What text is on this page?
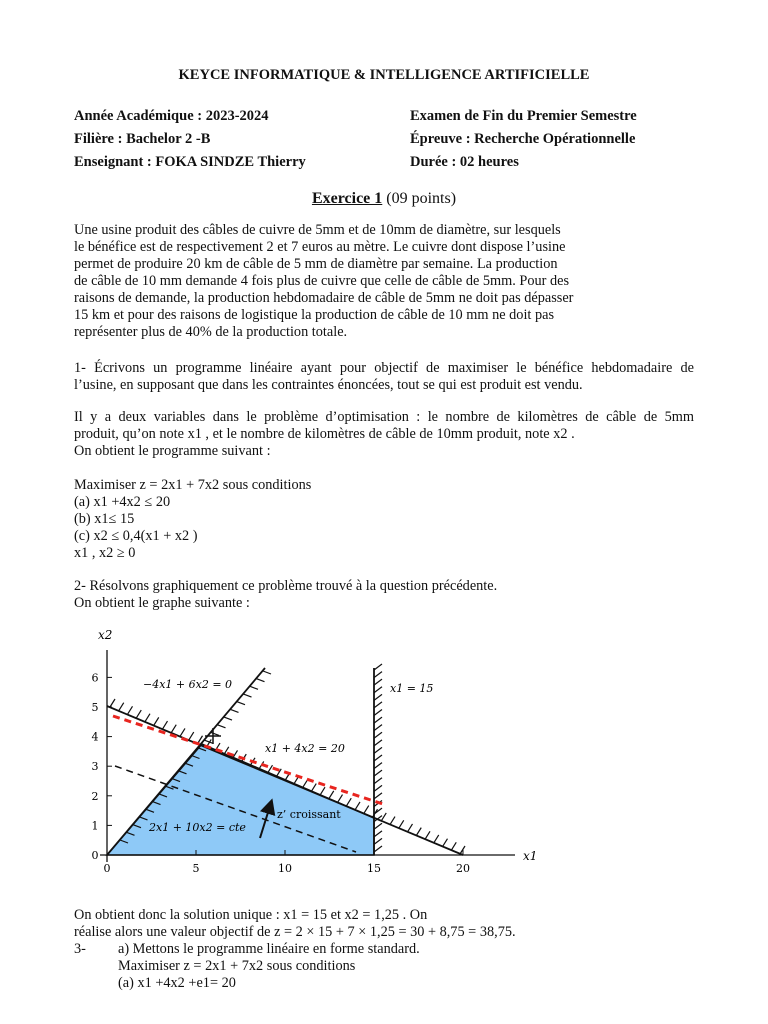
KEYCE INFORMATIQUE & INTELLIGENCE ARTIFICIELLE
Année Académique : 2023-2024
Filière : Bachelor 2 -B
Enseignant : FOKA SINDZE Thierry
Examen de Fin du Premier Semestre
Épreuve : Recherche Opérationnelle
Durée : 02 heures
Exercice 1 (09 points)
Une usine produit des câbles de cuivre de 5mm et de 10mm de diamètre, sur lesquels
le bénéfice est de respectivement 2 et 7 euros au mètre. Le cuivre dont dispose l’usine
permet de produire 20 km de câble de 5 mm de diamètre par semaine. La production
de câble de 10 mm demande 4 fois plus de cuivre que celle de câble de 5mm. Pour des
raisons de demande, la production hebdomadaire de câble de 5mm ne doit pas dépasser
15 km et pour des raisons de logistique la production de câble de 10 mm ne doit pas
représenter plus de 40% de la production totale.
1- Écrivons un programme linéaire ayant pour objectif de maximiser le bénéfice hebdomadaire de
l’usine, en supposant que dans les contraintes énoncées, tout se qui est produit est vendu.
Il y a deux variables dans le problème d’optimisation : le nombre de kilomètres de câble de 5mm
produit, qu’on note x1 , et le nombre de kilomètres de câble de 10mm produit, note x2 .
On obtient le programme suivant :
Maximiser z = 2x1 + 7x2 sous conditions
(a) x1 +4x2 ≤ 20
(b) x1≤ 15
(c) x2 ≤ 0,4(x1 + x2 )
x1 , x2 ≥ 0
2- Résolvons graphiquement ce problème trouvé à la question précédente.
On obtient le graphe suivante :
0	5	10	15	20
0
1
2
3
4
5
6
x1
x2
−4x1 + 6x2 = 0	x1 = 15
x1 + 4x2 = 20
2x1 + 10x2 = cte
z’ croissant
On obtient donc la solution unique : x1 = 15 et x2 = 1,25 . On
réalise alors une valeur objectif de z = 2 × 15 + 7 × 1,25 = 30 + 8,75 = 38,75.
3- a) Mettons le programme linéaire en forme standard.
Maximiser z = 2x1 + 7x2 sous conditions
(a) x1 +4x2 +e1= 20
